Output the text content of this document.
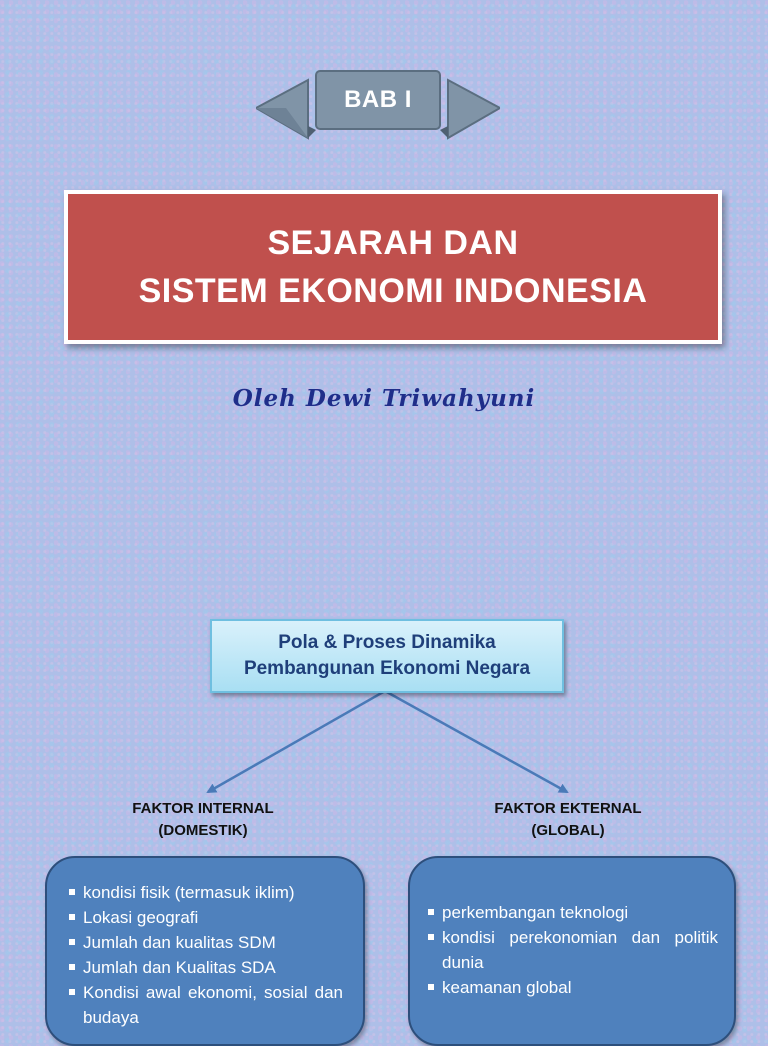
BAB I
SEJARAH DAN
SISTEM EKONOMI INDONESIA
Oleh Dewi Triwahyuni
Pola & Proses Dinamika
Pembangunan Ekonomi Negara
FAKTOR INTERNAL
(DOMESTIK)
FAKTOR EKTERNAL
(GLOBAL)
kondisi fisik (termasuk iklim)
Lokasi geografi
Jumlah dan kualitas SDM
Jumlah dan Kualitas SDA
Kondisi awal ekonomi, sosial dan budaya
perkembangan teknologi
kondisi perekonomian dan politik dunia
keamanan global
